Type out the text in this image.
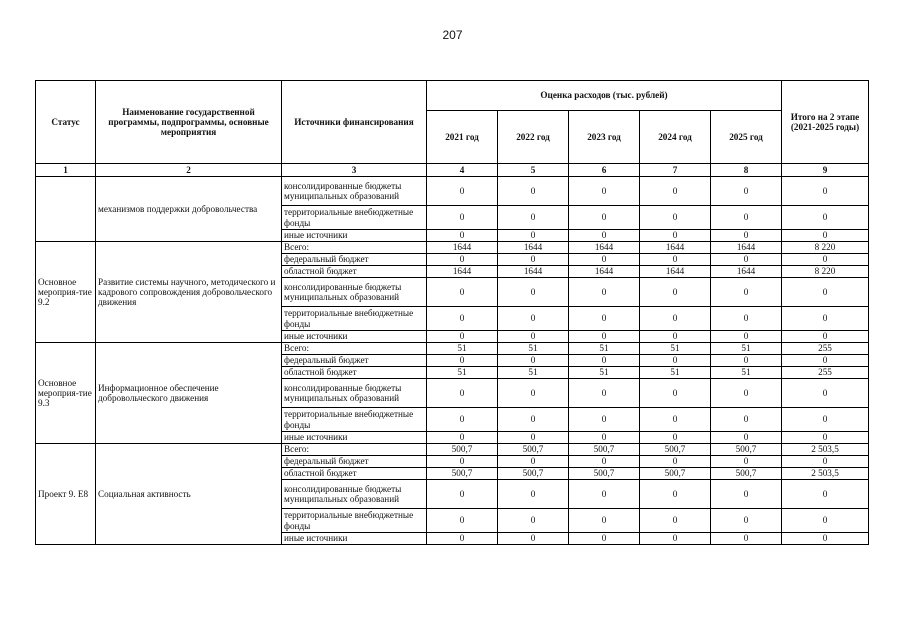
207
Статус	Наименование государственной программы, подпрограммы, основные мероприятия	Источники финансирования	Оценка расходов (тыс. рублей)					Итого на 2 этапе (2021-2025 годы)
			2021 год	2022 год	2023 год	2024 год	2025 год	
1	2	3	4	5	6	7	8	9
	механизмов поддержки добровольчества	консолидированные бюджеты муниципальных образований	0	0	0	0	0	0
		территориальные внебюджетные фонды	0	0	0	0	0	0
		иные источники	0	0	0	0	0	0
Основное мероприя-тие 9.2	Развитие системы научного, методического и кадрового сопровождения добровольческого движения	Всего:	1644	1644	1644	1644	1644	8 220
		федеральный бюджет	0	0	0	0	0	0
		областной бюджет	1644	1644	1644	1644	1644	8 220
		консолидированные бюджеты муниципальных образований	0	0	0	0	0	0
		территориальные внебюджетные фонды	0	0	0	0	0	0
		иные источники	0	0	0	0	0	0
Основное мероприя-тие 9.3	Информационное обеспечение добровольческого движения	Всего:	51	51	51	51	51	255
		федеральный бюджет	0	0	0	0	0	0
		областной бюджет	51	51	51	51	51	255
		консолидированные бюджеты муниципальных образований	0	0	0	0	0	0
		территориальные внебюджетные фонды	0	0	0	0	0	0
		иные источники	0	0	0	0	0	0
Проект 9. Е8	Социальная активность	Всего:	500,7	500,7	500,7	500,7	500,7	2 503,5
		федеральный бюджет	0	0	0	0	0	0
		областной бюджет	500,7	500,7	500,7	500,7	500,7	2 503,5
		консолидированные бюджеты муниципальных образований	0	0	0	0	0	0
		территориальные внебюджетные фонды	0	0	0	0	0	0
		иные источники	0	0	0	0	0	0
